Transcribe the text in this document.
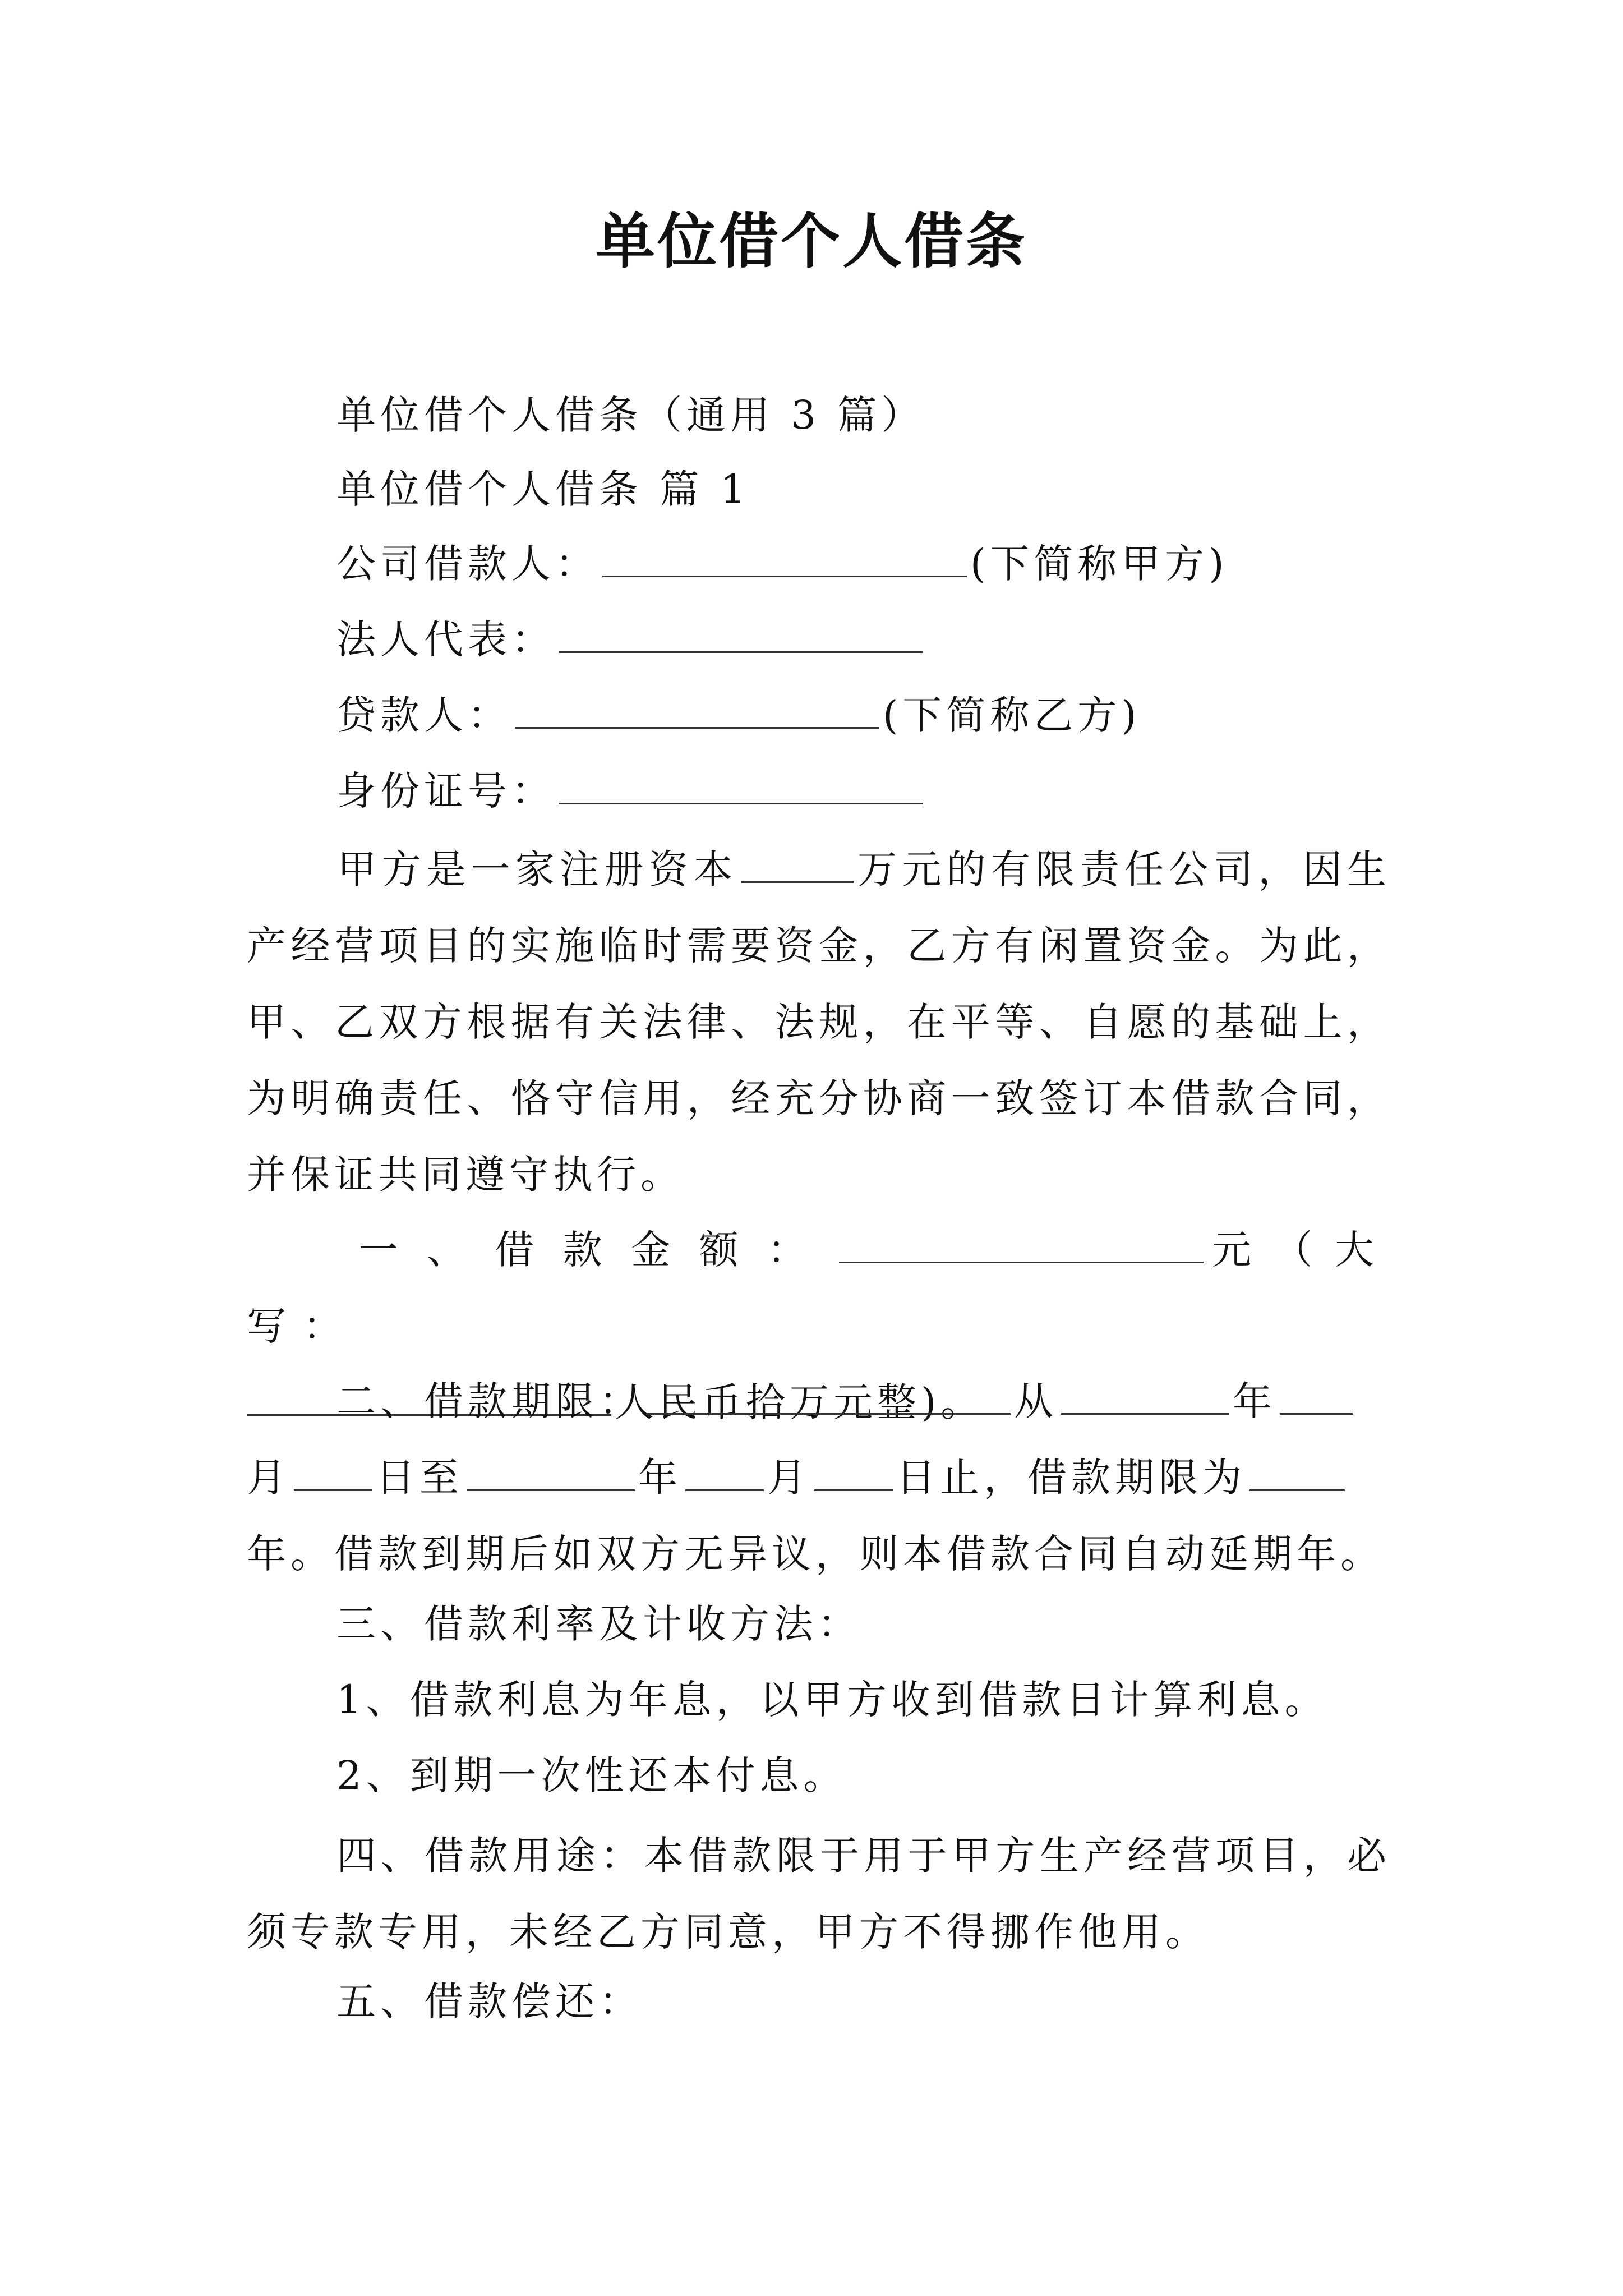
单位借个人借条
单位借个人借条（通用 3 篇）
单位借个人借条 篇 1
公司借款人：	(下简称甲方)
法人代表：
贷款人：	(下简称乙方)
身份证号：
甲方是一家注册资本	万元的有限责任公司，因生产经营项目的实施临时需要资金，乙方有闲置资金。为此，甲、乙双方根据有关法律、法规，在平等、自愿的基础上，为明确责任、恪守信用，经充分协商一致签订本借款合同，并保证共同遵守执行。
一、借款金额：	元（大写：
人民币拾万元整)。
二、借款期限：	从	年
月 日至	年 月 日止，借款期限为
年。借款到期后如双方无异议，则本借款合同自动延期年。
三、借款利率及计收方法：
1、借款利息为年息，以甲方收到借款日计算利息。
2、到期一次性还本付息。
四、借款用途：本借款限于用于甲方生产经营项目，必须专款专用，未经乙方同意，甲方不得挪作他用。
五、借款偿还：
